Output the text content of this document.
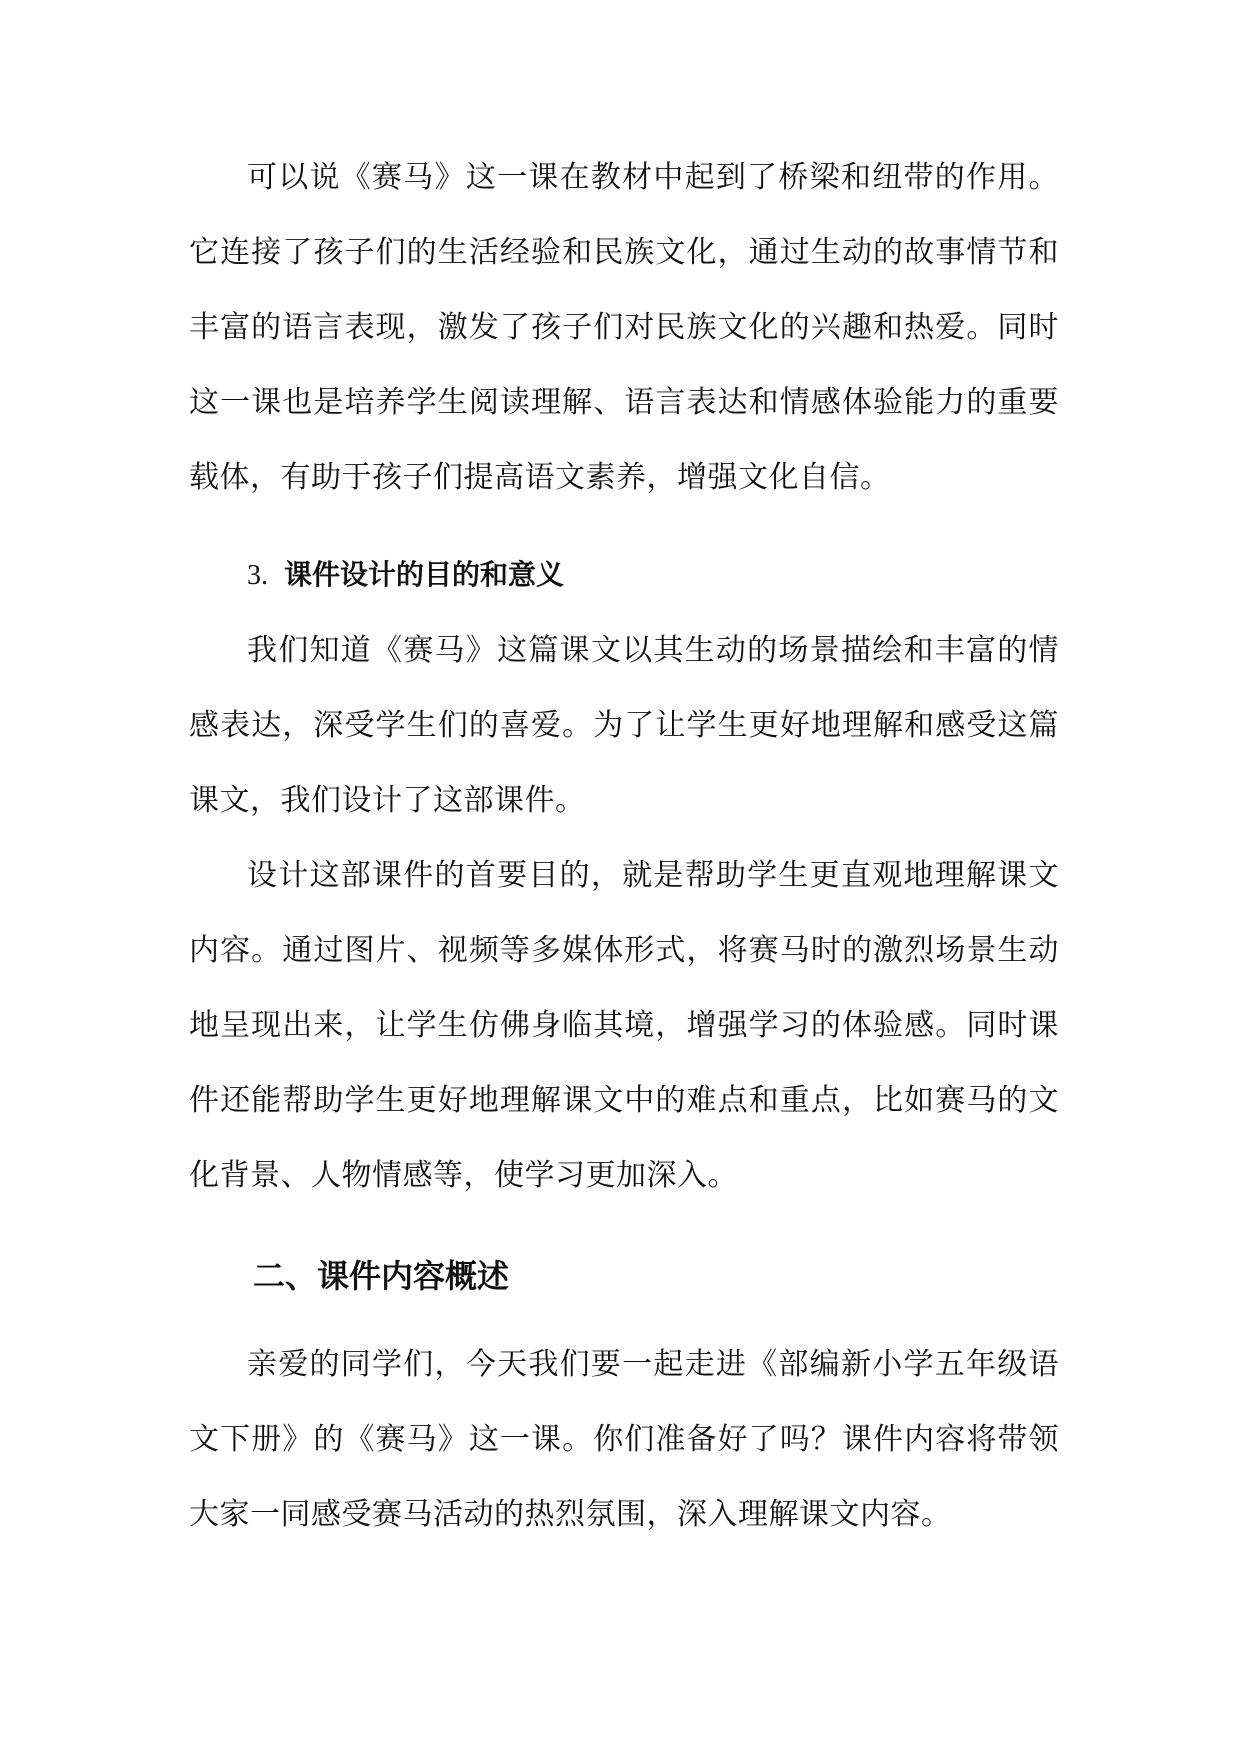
可以说《赛马》这一课在教材中起到了桥梁和纽带的作用。它连接了孩子们的生活经验和民族文化，通过生动的故事情节和丰富的语言表现，激发了孩子们对民族文化的兴趣和热爱。同时这一课也是培养学生阅读理解、语言表达和情感体验能力的重要载体，有助于孩子们提高语文素养，增强文化自信。

3. 课件设计的目的和意义

我们知道《赛马》这篇课文以其生动的场景描绘和丰富的情感表达，深受学生们的喜爱。为了让学生更好地理解和感受这篇课文，我们设计了这部课件。

设计这部课件的首要目的，就是帮助学生更直观地理解课文内容。通过图片、视频等多媒体形式，将赛马时的激烈场景生动地呈现出来，让学生仿佛身临其境，增强学习的体验感。同时课件还能帮助学生更好地理解课文中的难点和重点，比如赛马的文化背景、人物情感等，使学习更加深入。

二、课件内容概述

亲爱的同学们，今天我们要一起走进《部编新小学五年级语文下册》的《赛马》这一课。你们准备好了吗？课件内容将带领大家一同感受赛马活动的热烈氛围，深入理解课文内容。
